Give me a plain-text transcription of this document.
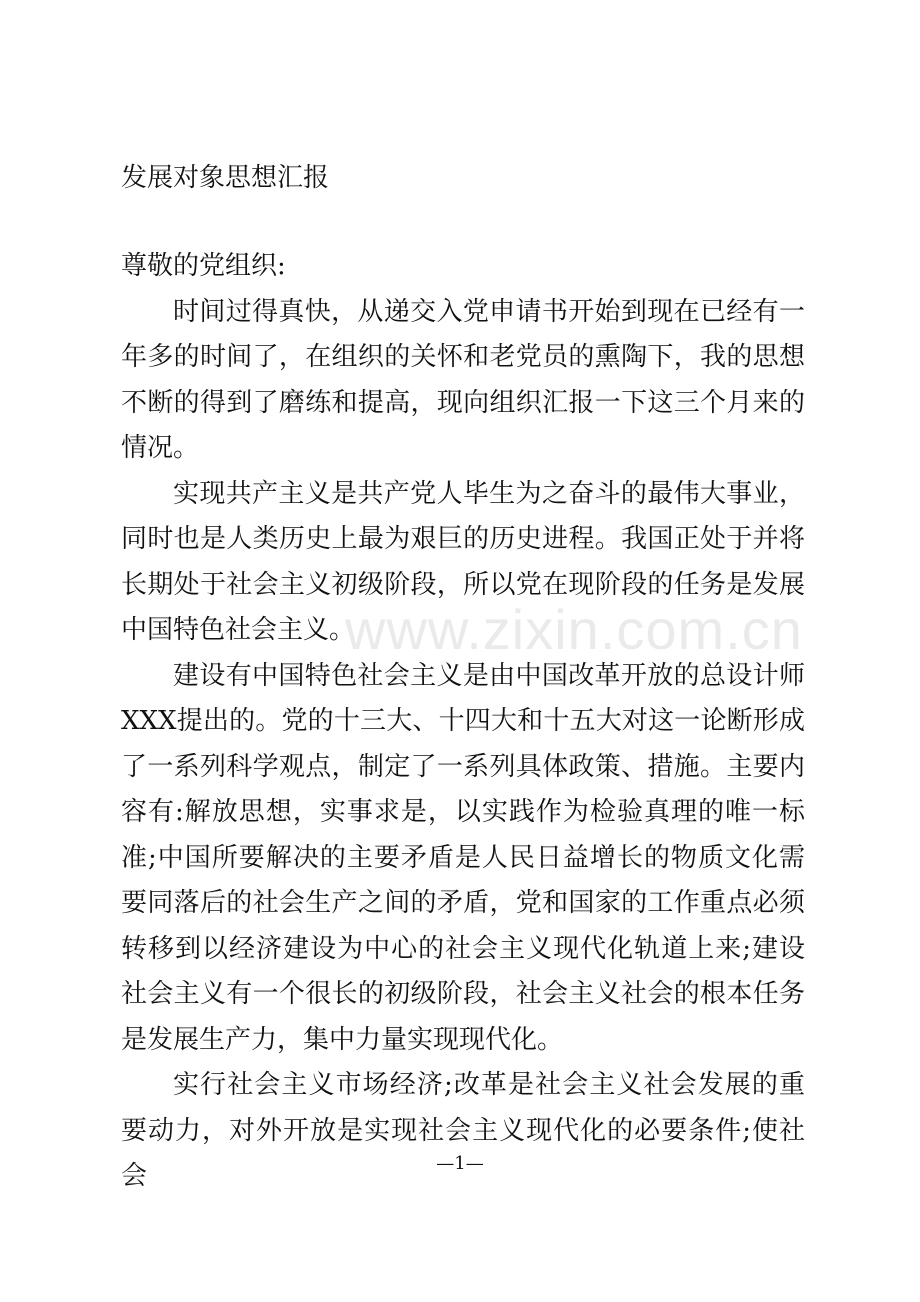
发展对象思想汇报

尊敬的党组织:

时间过得真快，从递交入党申请书开始到现在已经有一年多的时间了，在组织的关怀和老党员的熏陶下，我的思想不断的得到了磨练和提高，现向组织汇报一下这三个月来的情况。

实现共产主义是共产党人毕生为之奋斗的最伟大事业，同时也是人类历史上最为艰巨的历史进程。我国正处于并将长期处于社会主义初级阶段，所以党在现阶段的任务是发展中国特色社会主义。

建设有中国特色社会主义是由中国改革开放的总设计师XXX提出的。党的十三大、十四大和十五大对这一论断形成了一系列科学观点，制定了一系列具体政策、措施。主要内容有:解放思想，实事求是，以实践作为检验真理的唯一标准;中国所要解决的主要矛盾是人民日益增长的物质文化需要同落后的社会生产之间的矛盾，党和国家的工作重点必须转移到以经济建设为中心的社会主义现代化轨道上来;建设社会主义有一个很长的初级阶段，社会主义社会的根本任务是发展生产力，集中力量实现现代化。

实行社会主义市场经济;改革是社会主义社会发展的重要动力，对外开放是实现社会主义现代化的必要条件;使社会

www.zixin.com.cn
—1—
